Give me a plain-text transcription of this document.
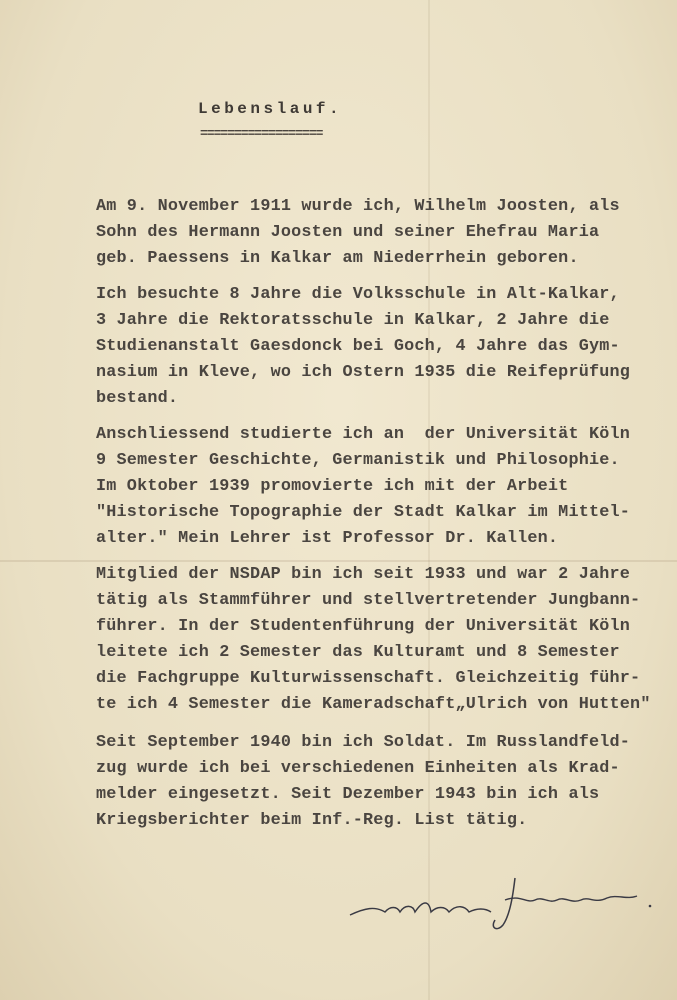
Lebenslauf.
==================
Am 9. November 1911 wurde ich, Wilhelm Joosten, als
Sohn des Hermann Joosten und seiner Ehefrau Maria
geb. Paessens in Kalkar am Niederrhein geboren.
Ich besuchte 8 Jahre die Volksschule in Alt-Kalkar,
3 Jahre die Rektoratsschule in Kalkar, 2 Jahre die
Studienanstalt Gaesdonck bei Goch, 4 Jahre das Gym-
nasium in Kleve, wo ich Ostern 1935 die Reifeprüfung
bestand.
Anschliessend studierte ich an  der Universität Köln
9 Semester Geschichte, Germanistik und Philosophie.
Im Oktober 1939 promovierte ich mit der Arbeit
"Historische Topographie der Stadt Kalkar im Mittel-
alter." Mein Lehrer ist Professor Dr. Kallen.
Mitglied der NSDAP bin ich seit 1933 und war 2 Jahre
tätig als Stammführer und stellvertretender Jungbann-
führer. In der Studentenführung der Universität Köln
leitete ich 2 Semester das Kulturamt und 8 Semester
die Fachgruppe Kulturwissenschaft. Gleichzeitig führ-
te ich 4 Semester die Kameradschaft„Ulrich von Hutten"
Seit September 1940 bin ich Soldat. Im Russlandfeld-
zug wurde ich bei verschiedenen Einheiten als Krad-
melder eingesetzt. Seit Dezember 1943 bin ich als
Kriegsberichter beim Inf.-Reg. List tätig.
